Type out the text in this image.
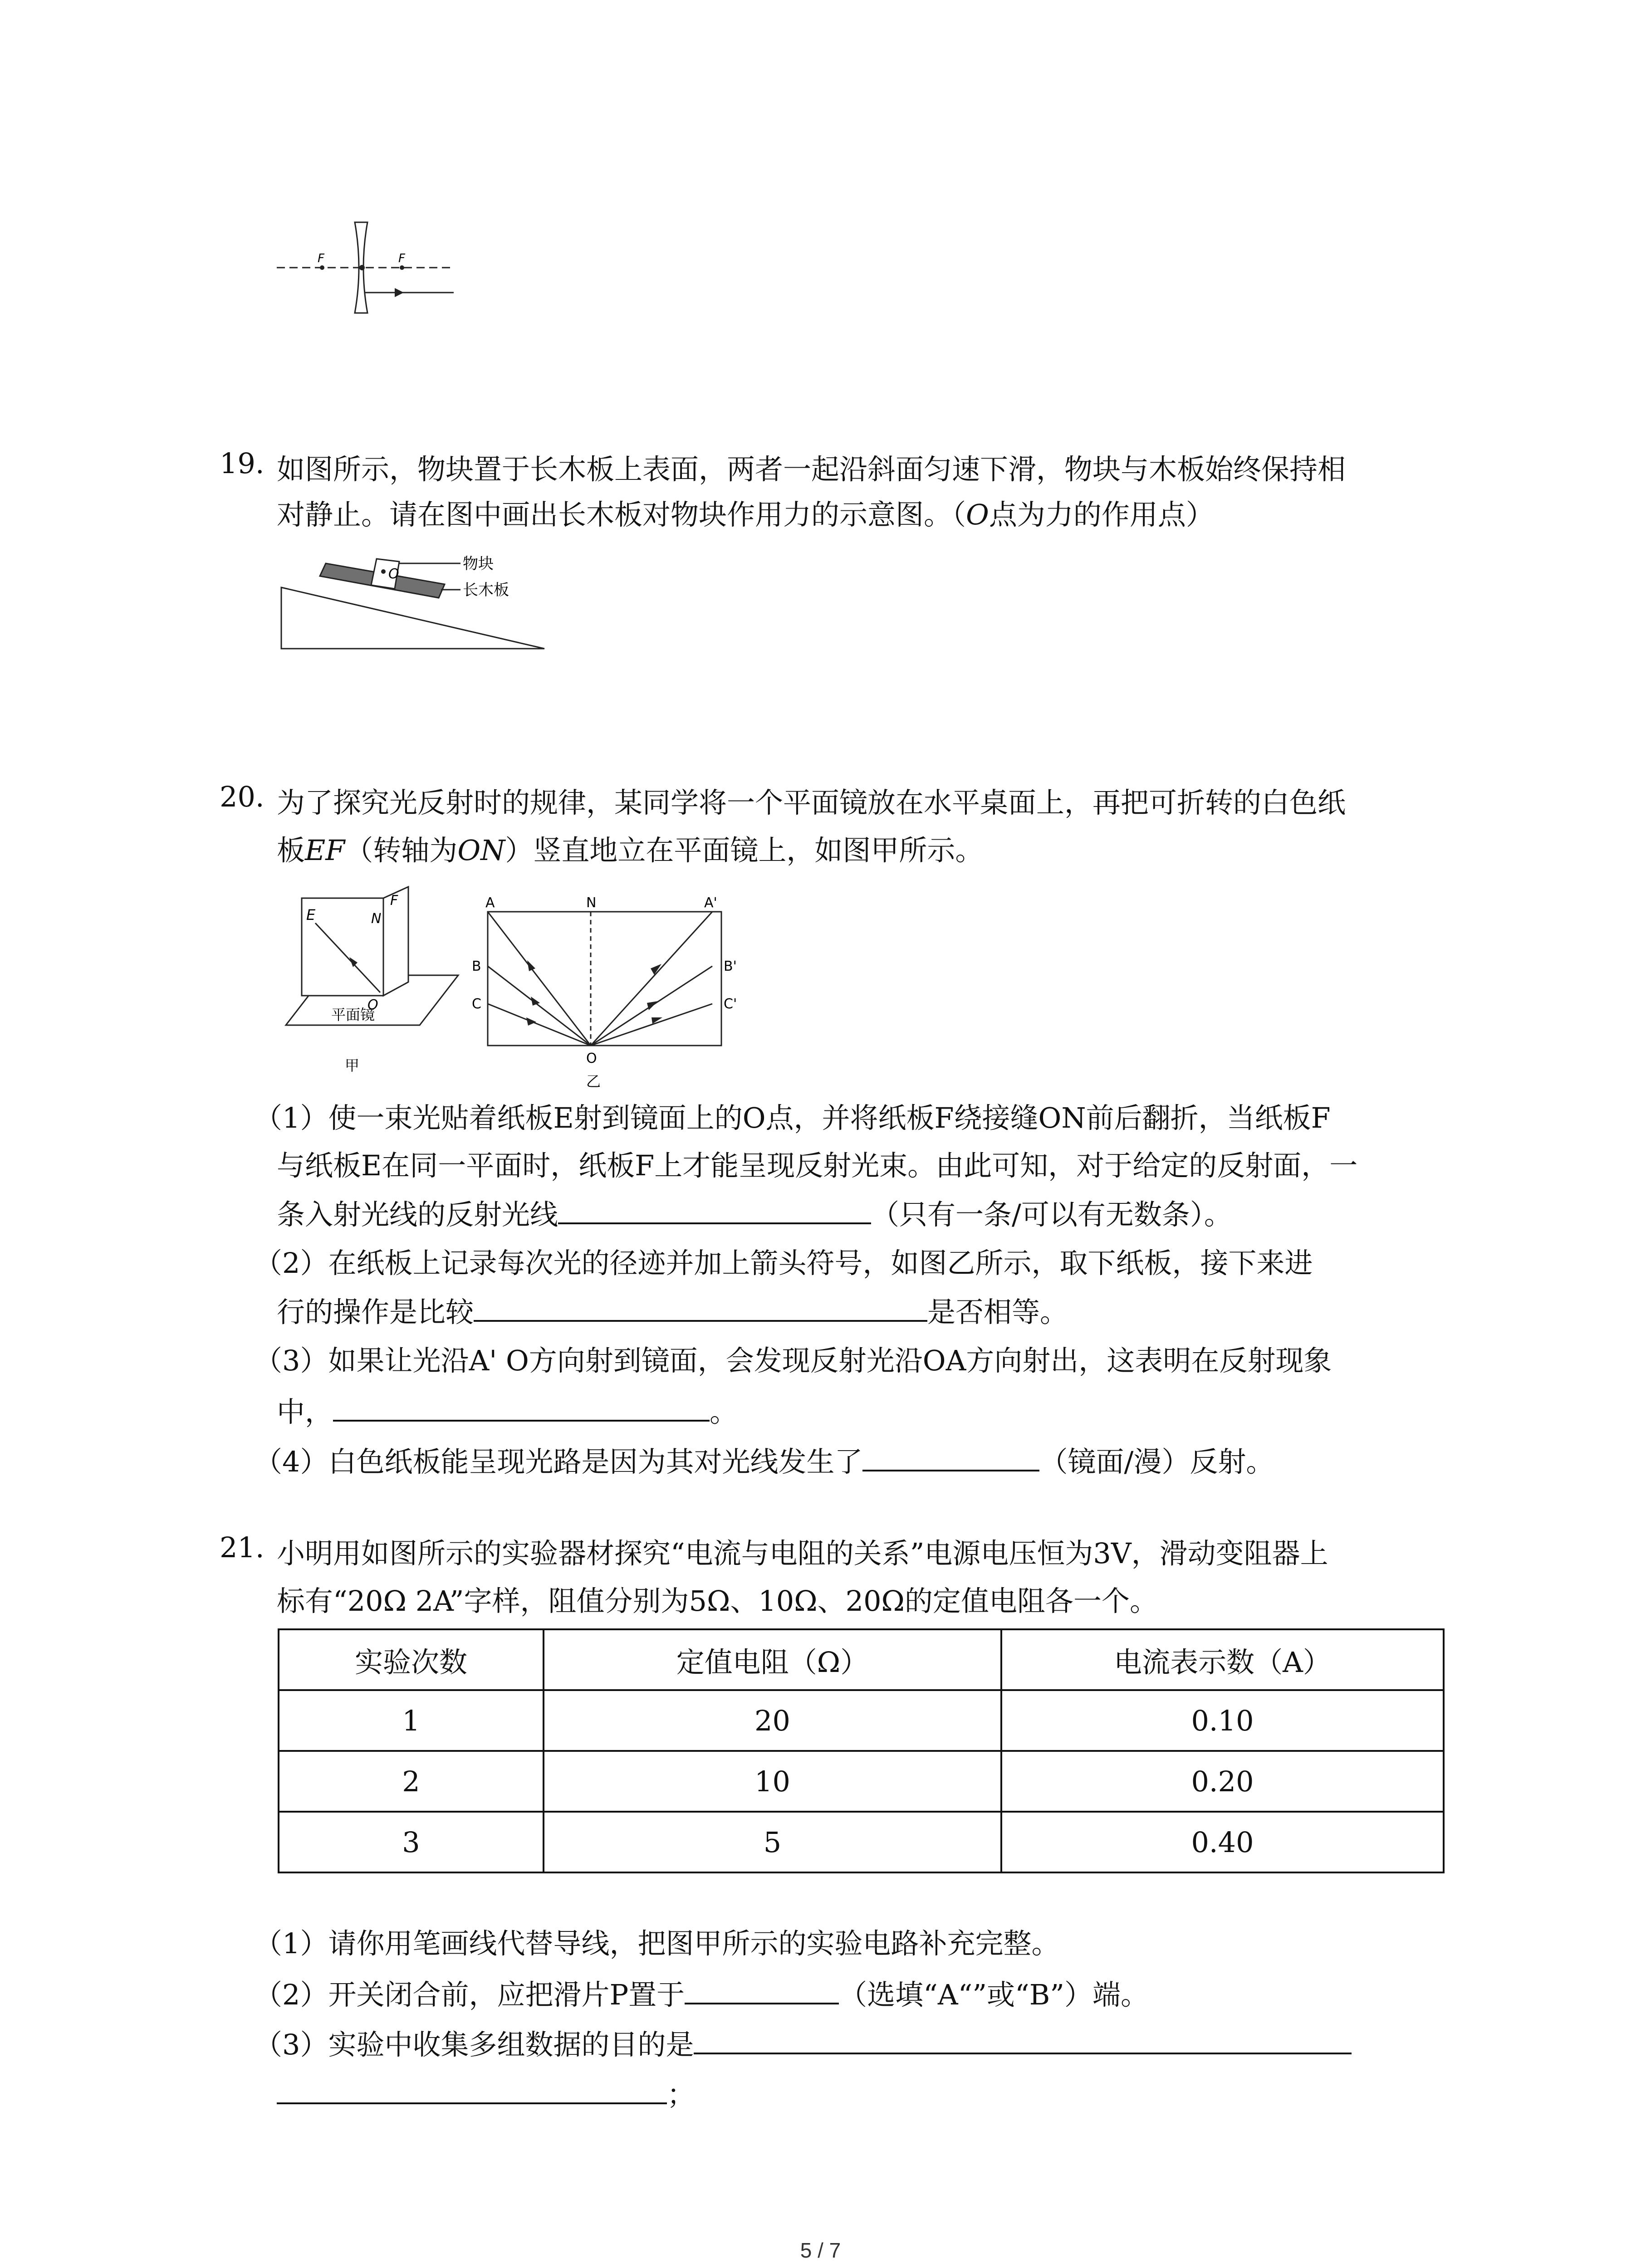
F	F
19. 如图所示，物块置于长木板上表面，两者一起沿斜面匀速下滑，物块与木板始终保持相
对静止。请在图中画出长木板对物块作用力的示意图。（O点为力的作用点）
O
物块
长木板
20. 为了探究光反射时的规律，某同学将一个平面镜放在水平桌面上，再把可折转的白色纸
板EF（转轴为ON）竖直地立在平面镜上，如图甲所示。
E	N
F
O
平面镜
甲
A	N	A'
B	B'
C	C'
O
乙
（1）使一束光贴着纸板E射到镜面上的O点，并将纸板F绕接缝ON前后翻折，当纸板F
与纸板E在同一平面时，纸板F上才能呈现反射光束。由此可知，对于给定的反射面，一
条入射光线的反射光线	（只有一条/可以有无数条）。
（2）在纸板上记录每次光的径迹并加上箭头符号，如图乙所示，取下纸板，接下来进
行的操作是比较	是否相等。
（3）如果让光沿A' O方向射到镜面，会发现反射光沿OA方向射出，这表明在反射现象
中，	。
（4）白色纸板能呈现光路是因为其对光线发生了	（镜面/漫）反射。
21. 小明用如图所示的实验器材探究“电流与电阻的关系”电源电压恒为3V，滑动变阻器上
标有“20Ω 2A”字样，阻值分别为5Ω、10Ω、20Ω的定值电阻各一个。
实验次数	定值电阻（Ω）	电流表示数（A）
1	20	0.10
2	10	0.20
3	5	0.40
（1）请你用笔画线代替导线，把图甲所示的实验电路补充完整。
（2）开关闭合前，应把滑片P置于	（选填“A“”或“B”）端。
（3）实验中收集多组数据的目的是
；
5 / 7
